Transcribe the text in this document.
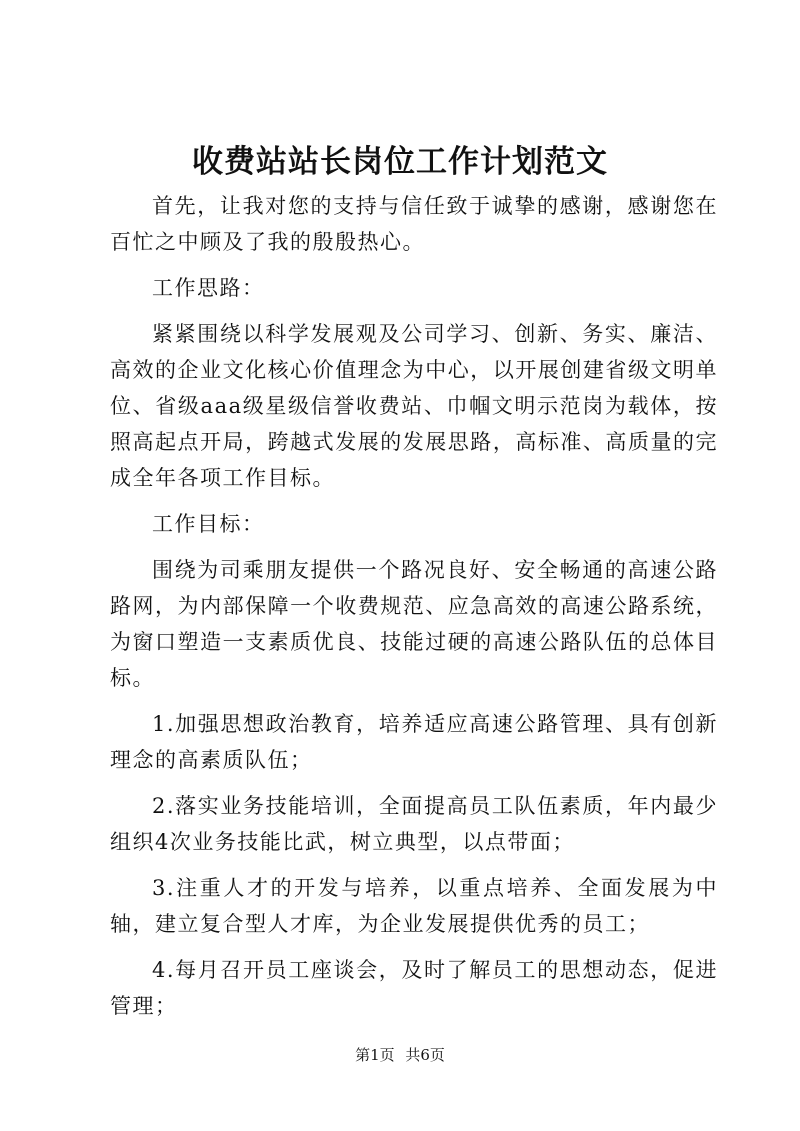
收费站站长岗位工作计划范文

首先，让我对您的支持与信任致于诚挚的感谢，感谢您在百忙之中顾及了我的殷殷热心。

工作思路：

紧紧围绕以科学发展观及公司学习、创新、务实、廉洁、高效的企业文化核心价值理念为中心，以开展创建省级文明单位、省级aaa级星级信誉收费站、巾帼文明示范岗为载体，按照高起点开局，跨越式发展的发展思路，高标准、高质量的完成全年各项工作目标。

工作目标：

围绕为司乘朋友提供一个路况良好、安全畅通的高速公路路网，为内部保障一个收费规范、应急高效的高速公路系统，为窗口塑造一支素质优良、技能过硬的高速公路队伍的总体目标。

1.加强思想政治教育，培养适应高速公路管理、具有创新理念的高素质队伍；

2.落实业务技能培训，全面提高员工队伍素质，年内最少组织4次业务技能比武，树立典型，以点带面；

3.注重人才的开发与培养，以重点培养、全面发展为中轴，建立复合型人才库，为企业发展提供优秀的员工；

4.每月召开员工座谈会，及时了解员工的思想动态，促进管理；

第1页 共6页
